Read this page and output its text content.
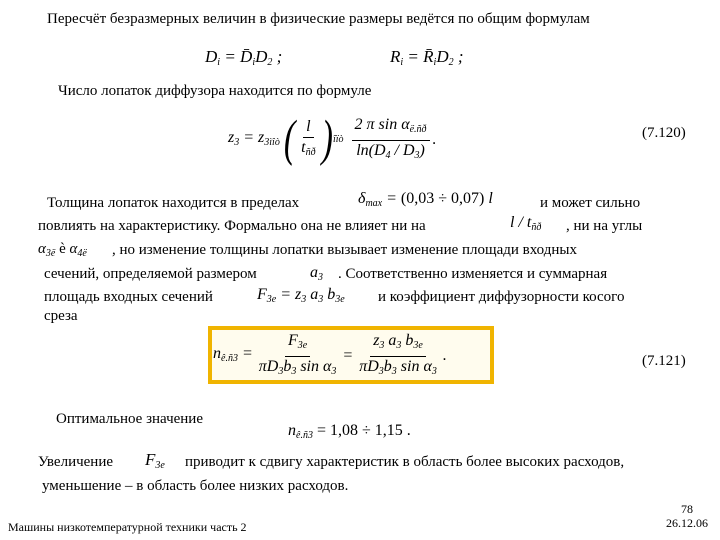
Пересчёт безразмерных величин в физические размеры ведётся по общим формулам
$D_i$ = $D̄_iD_2$ ;	$R_i$ = $R̄_iD_2$ ;
Число лопаток диффузора находится по формуле
$z_3 = z_{3ìîò}$ ( $\frac{l}{t_{ñð}}$ ) îïò $\frac{2 \pi \sin \alpha_{ë.ñð}}{\ln(D_4 / D_3)}$ .	(7.120)
Толщина лопаток находится в пределах	$\delta_{max} = (0,03 \div 0,07)$ l	и может сильно
повлиять на характеристику. Формально она не влияет ни на	l / $t_{ñð}$ , ни на углы
$\alpha_{3ë}$ è $\alpha_{4ë}$ , но изменение толщины лопатки вызывает изменение площади входных
сечений, определяемой размером	$a_3$ . Соответственно изменяется и суммарная
площадь входных сечений	$F_{3e} = z_3$ $a_3$ $b_{3e}$ и коэффициент диффузорности косого
среза
$n_{ê.ñ3} = \frac{F_{3e}}{\pi D_3b_3 \sin \alpha_3} = \frac{z_3 a_3 b_{3e}}{\pi D_3b_3 \sin \alpha_3}$ .	(7.121)
Оптимальное значение
$n_{ê.ñ3} = 1,08 \div 1,15$ .
Увеличение $F_{3e}$ приводит к сдвигу характеристик в область более высоких расходов,
уменьшение – в область более низких расходов.
Машины низкотемпературной техники часть 2
78
26.12.06
